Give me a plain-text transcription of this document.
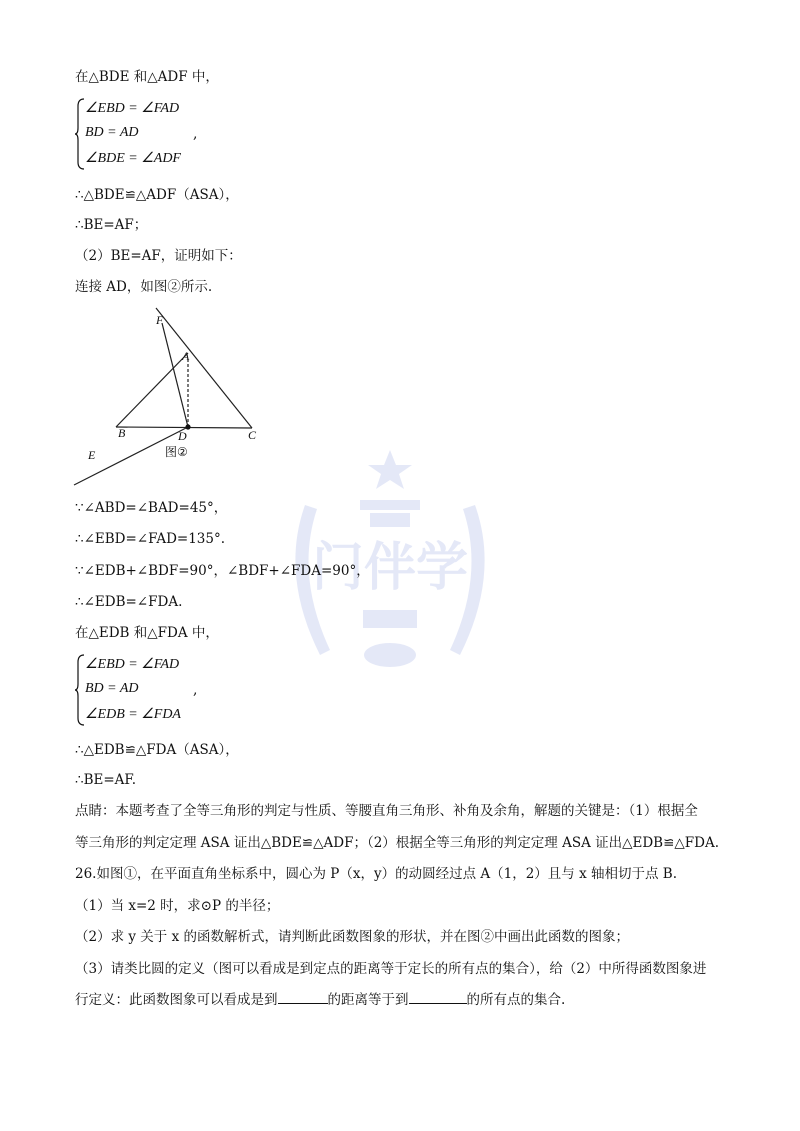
门伴学
在△BDE 和△ADF 中，
∠EBD = ∠FAD
BD = AD
∠BDE = ∠ADF
,
∴△BDE≌△ADF（ASA），
∴BE=AF；
（2）BE=AF，证明如下：
连接 AD，如图②所示.
F
A
B	D	C
E	图②
∵∠ABD=∠BAD=45°，
∴∠EBD=∠FAD=135°.
∵∠EDB+∠BDF=90°，∠BDF+∠FDA=90°，
∴∠EDB=∠FDA.
在△EDB 和△FDA 中，
∠EBD = ∠FAD
BD = AD
∠EDB = ∠FDA
,
∴△EDB≌△FDA（ASA），
∴BE=AF.
点睛：本题考查了全等三角形的判定与性质、等腰直角三角形、补角及余角，解题的关键是：（1）根据全
等三角形的判定定理 ASA 证出△BDE≌△ADF；（2）根据全等三角形的判定定理 ASA 证出△EDB≌△FDA.
26.如图①，在平面直角坐标系中，圆心为 P（x，y）的动圆经过点 A（1，2）且与 x 轴相切于点 B.
（1）当 x=2 时，求⊙P 的半径；
（2）求 y 关于 x 的函数解析式，请判断此函数图象的形状，并在图②中画出此函数的图象；
（3）请类比圆的定义（图可以看成是到定点的距离等于定长的所有点的集合），给（2）中所得函数图象进
行定义：此函数图象可以看成是到	的距离等于到	的所有点的集合.
